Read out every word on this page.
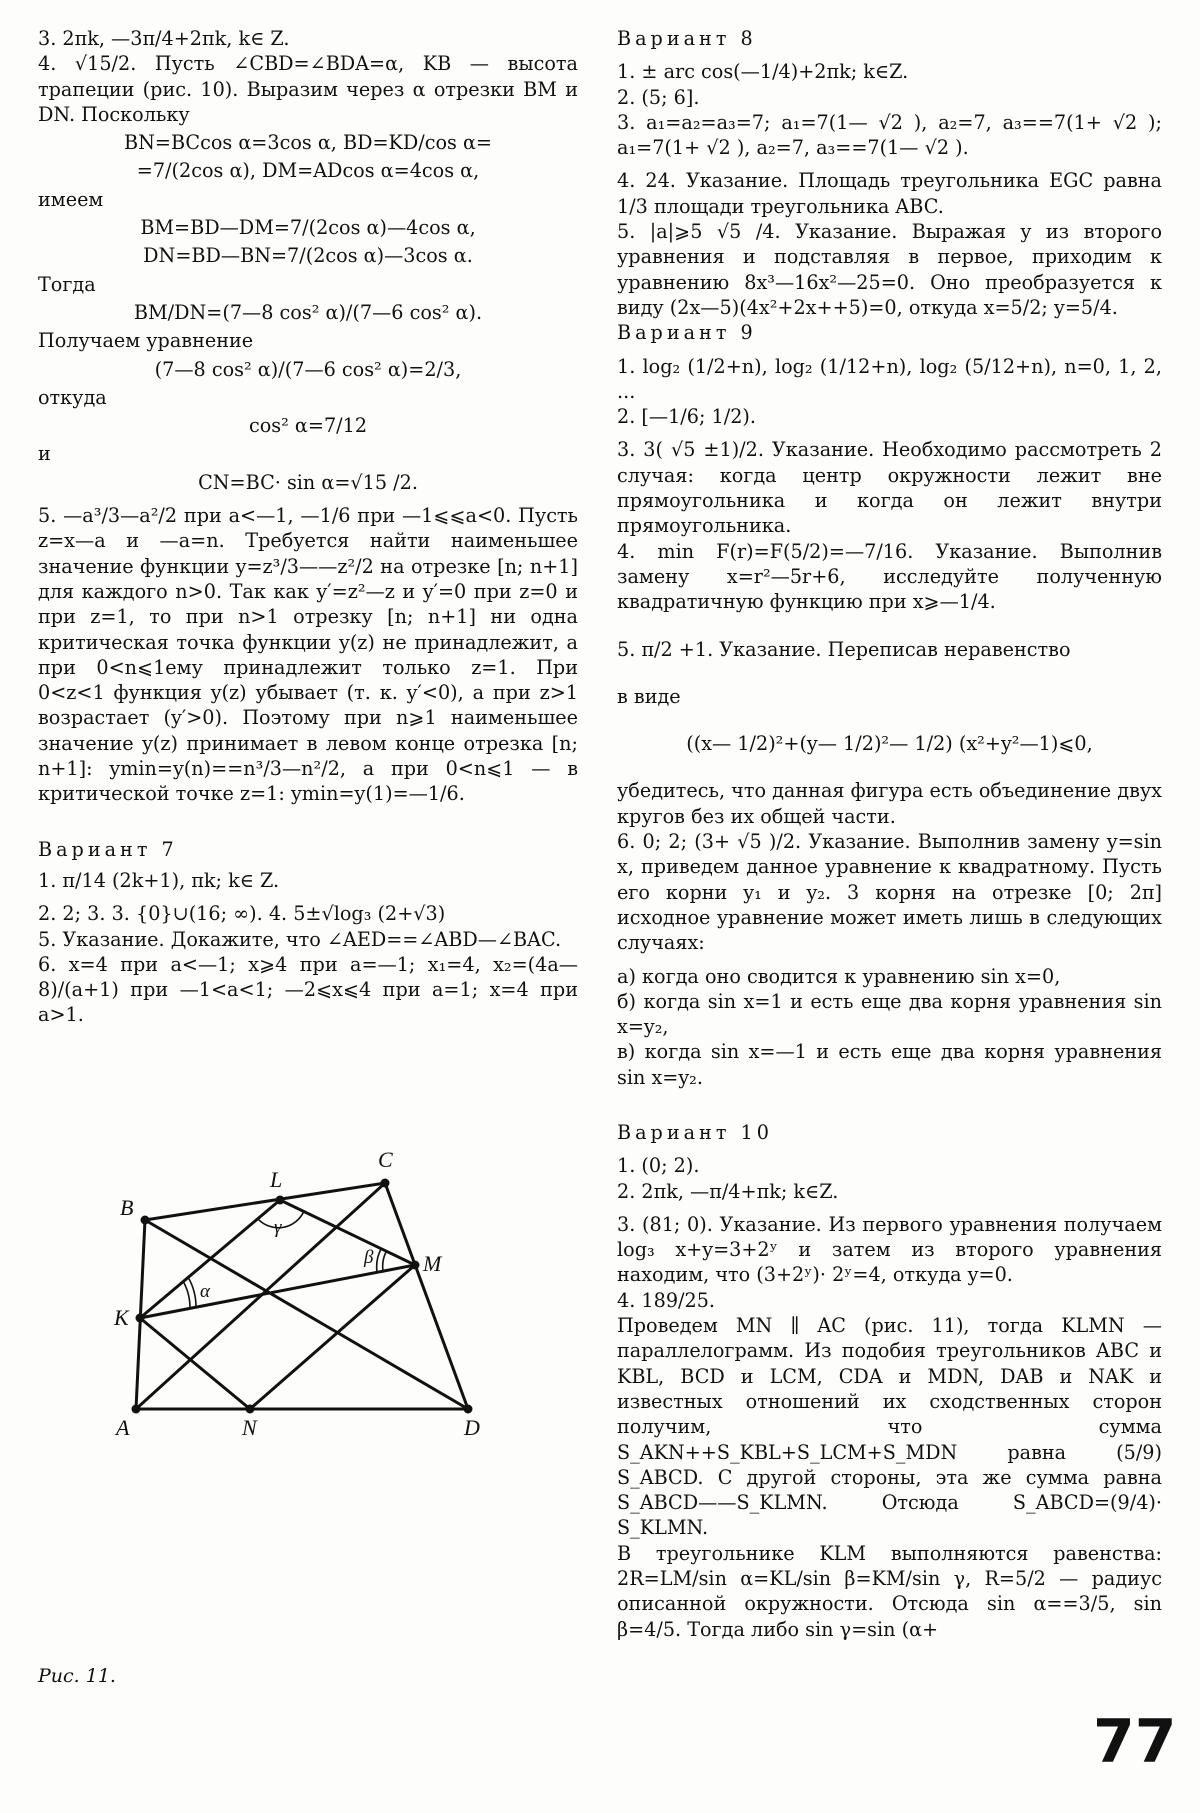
3. 2πk, —3π/4+2πk, k∈ Z.

4. √15/2. Пусть ∠CBD=∠BDA=α, KB — высота трапеции (рис. 10). Выразим через α отрезки BM и DN. Поскольку

BN=BCcos α=3cos α, BD=KD/cos α=

=7/(2cos α), DM=ADcos α=4cos α,

имеем

BM=BD—DM=7/(2cos α)—4cos α,

DN=BD—BN=7/(2cos α)—3cos α.

Тогда

BM/DN=(7—8 cos² α)/(7—6 cos² α).

Получаем уравнение

(7—8 cos² α)/(7—6 cos² α)=2/3,

откуда

cos² α=7/12

и

CN=BC· sin α=√15 /2.

5. —a³/3—a²/2 при a<—1, —1/6 при —1⩽⩽a<0. Пусть z=x—a и —a=n. Требуется найти наименьшее значение функции y=z³/3——z²/2 на отрезке [n; n+1] для каждого n>0. Так как y′=z²—z и y′=0 при z=0 и при z=1, то при n>1 отрезку [n; n+1] ни одна критическая точка функции y(z) не принадлежит, а при 0<n⩽1ему принадлежит только z=1. При 0<z<1 функция y(z) убывает (т. к. y′<0), а при z>1 возрастает (y′>0). Поэтому при n⩾1 наименьшее значение y(z) принимает в левом конце отрезка [n; n+1]: ymin=y(n)==n³/3—n²/2, а при 0<n⩽1 — в критической точке z=1: ymin=y(1)=—1/6.

Вариант 7

1. π/14 (2k+1), πk; k∈ Z.

2. 2; 3. 3. {0}∪(16; ∞). 4. 5±√log₃ (2+√3)

5. Указание. Докажите, что ∠AED==∠ABD—∠BAC.

6. x=4 при a<—1; x⩾4 при a=—1; x₁=4, x₂=(4a—8)/(a+1) при —1<a<1; —2⩽x⩽4 при a=1; x=4 при a>1.

B
L
C
M
K
A	N	D
α
β
γ
Рис. 11.
Вариант 8

1. ± arc cos(—1/4)+2πk; k∈Z.

2. (5; 6].

3. a₁=a₂=a₃=7; a₁=7(1— √2 ), a₂=7, a₃==7(1+ √2 ); a₁=7(1+ √2 ), a₂=7, a₃==7(1— √2 ).

4. 24. Указание. Площадь треугольника EGC равна 1/3 площади треугольника ABC.

5. |a|⩾5 √5 /4. Указание. Выражая y из второго уравнения и подставляя в первое, приходим к уравнению 8x³—16x²—25=0. Оно преобразуется к виду (2x—5)(4x²+2x++5)=0, откуда x=5/2; y=5/4.

Вариант 9

1. log₂ (1/2+n), log₂ (1/12+n), log₂ (5/12+n), n=0, 1, 2, ...

2. [—1/6; 1/2).

3. 3( √5 ±1)/2. Указание. Необходимо рассмотреть 2 случая: когда центр окружности лежит вне прямоугольника и когда он лежит внутри прямоугольника.

4. min F(r)=F(5/2)=—7/16. Указание. Выполнив замену x=r²—5r+6, исследуйте полученную квадратичную функцию при x⩾—1/4.

5. π/2 +1. Указание. Переписав неравенство

в виде

((x— 1/2)²+(y— 1/2)²— 1/2) (x²+y²—1)⩽0,

убедитесь, что данная фигура есть объединение двух кругов без их общей части.

6. 0; 2; (3+ √5 )/2. Указание. Выполнив замену y=sin x, приведем данное уравнение к квадратному. Пусть его корни y₁ и y₂. 3 корня на отрезке [0; 2π] исходное уравнение может иметь лишь в следующих случаях:

а) когда оно сводится к уравнению sin x=0,

б) когда sin x=1 и есть еще два корня уравнения sin x=y₂,

в) когда sin x=—1 и есть еще два корня уравнения sin x=y₂.

Вариант 10

1. (0; 2).

2. 2πk, —π/4+πk; k∈Z.

3. (81; 0). Указание. Из первого уравнения получаем log₃ x+y=3+2ʸ и затем из второго уравнения находим, что (3+2ʸ)· 2ʸ=4, откуда y=0.

4. 189/25.

Проведем MN ∥ AC (рис. 11), тогда KLMN — параллелограмм. Из подобия треугольников ABC и KBL, BCD и LCM, CDA и MDN, DAB и NAK и известных отношений их сходственных сторон получим, что сумма S_AKN++S_KBL+S_LCM+S_MDN равна (5/9) S_ABCD. С другой стороны, эта же сумма равна S_ABCD——S_KLMN. Отсюда S_ABCD=(9/4)· S_KLMN.

В треугольнике KLM выполняются равенства: 2R=LM/sin α=KL/sin β=KM/sin γ, R=5/2 — радиус описанной окружности. Отсюда sin α==3/5, sin β=4/5. Тогда либо sin γ=sin (α+

77
